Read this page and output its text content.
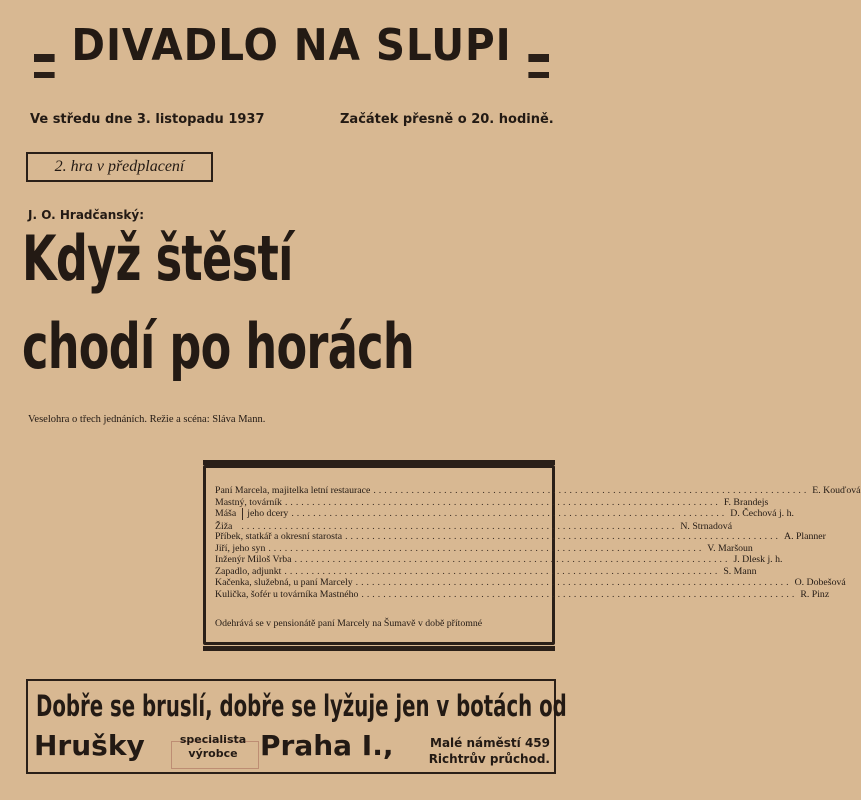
DIVADLO NA SLUPI
Ve středu dne 3. listopadu 1937	Začátek přesně o 20. hodině.
2. hra v předplacení
J. O. Hradčanský:
Když štěstí
chodí po horách
Veselohra o třech jednáních. Režie a scéna: Sláva Mann.
Paní Marcela, majitelka letní restaurace ................................................................................ E. Kouďová
Mastný, továrník ................................................................................ F. Brandejs
Máša	jeho dcery ................................................................................ D. Čechová j. h.
Žiža ................................................................................ N. Strnadová
Příbek, statkář a okresní starosta ................................................................................ A. Planner
Jiří, jeho syn ................................................................................ V. Maršoun
Inženýr Miloš Vrba ................................................................................ J. Dlesk j. h.
Zapadlo, adjunkt ................................................................................ S. Mann
Kačenka, služebná, u paní Marcely ................................................................................ O. Dobešová
Kulička, šofér u továrníka Mastného ................................................................................ R. Pinz
Odehrává se v pensionátě paní Marcely na Šumavě v době přítomné
Dobře se bruslí, dobře se lyžuje jen v botách od
Hrušky	specialista
výrobce Praha I.,	Malé náměstí 459
Richtrův průchod.
